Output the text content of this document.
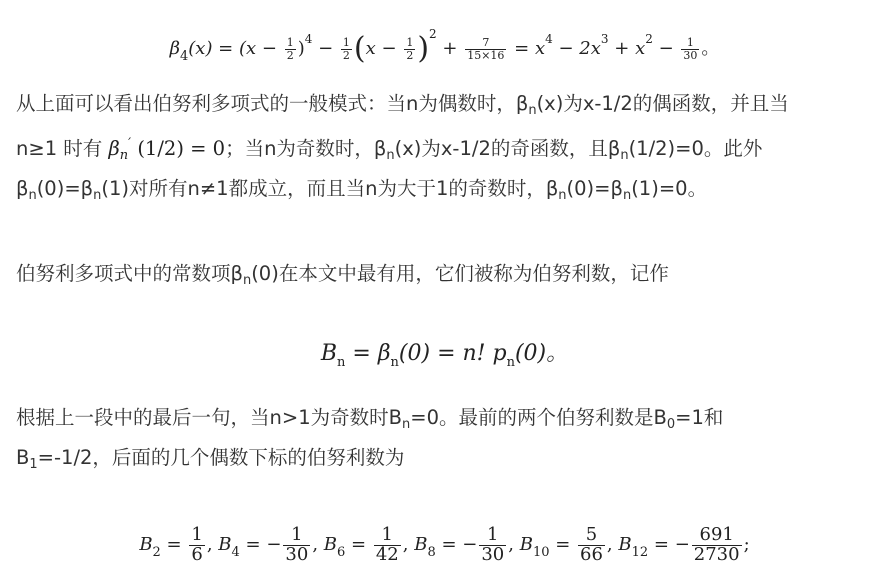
$\beta_4(x) = (x - \frac{1}{2} )^4 - \frac{1}{2} (x - \frac{1}{2} )^2 + \frac{7}{15\times 16} = x^4 - 2x^3 + x^2 - \frac{1}{30}$ 。
从上面可以看出伯努利多项式的一般模式：当n为偶数时，$\beta_n(x)$为x-1/2的偶函数，并且当
n≥1 时有 $\beta_n'$ (1/2) = 0；当n为奇数时，$\beta_n(x)$为x-1/2的奇函数，且$\beta_n(1/2)=0$。此外
$\beta_n(0)=\beta_n(1)$对所有n≠1都成立，而且当n为大于1的奇数时，$\beta_n(0)=\beta_n(1)=0$。
伯努利多项式中的常数项$\beta_n(0)$在本文中最有用，它们被称为伯努利数，记作
$B_n = \beta_n(0) = n$! $p_n(0)$。
根据上一段中的最后一句，当n>1为奇数时$B_n=0$。最前的两个伯努利数是$B_0=1$和
$B_1=-1/2$，后面的几个偶数下标的伯努利数为
$B_2 = \frac{1}{6}$ , $B_4$ = − $\frac{1}{30}$ , $B_6 = \frac{1}{42}$ , $B_8$ = − $\frac{1}{30}$ , $B_{10} = \frac{5}{66}$ , $B_{12}$ = − $\frac{691}{2730}$ ;
